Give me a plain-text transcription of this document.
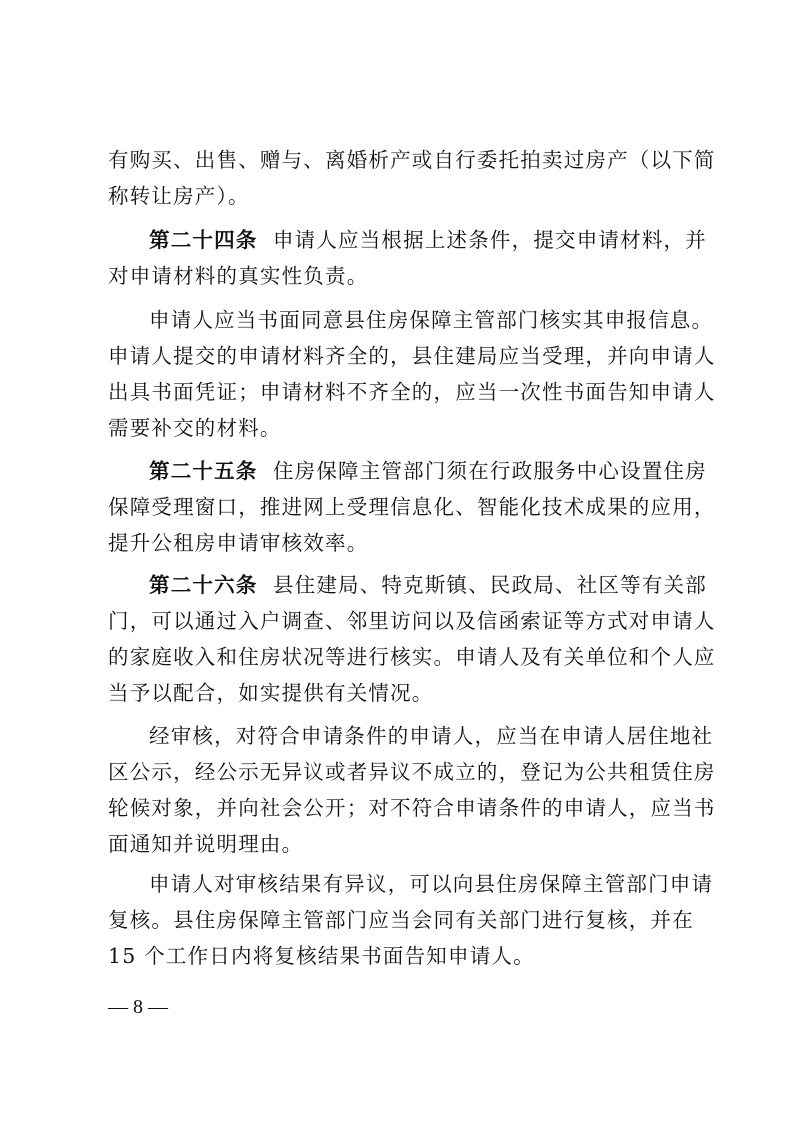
有购买、出售、赠与、离婚析产或自行委托拍卖过房产（以下简
称转让房产）。
第二十四条 申请人应当根据上述条件，提交申请材料，并
对申请材料的真实性负责。
申请人应当书面同意县住房保障主管部门核实其申报信息。
申请人提交的申请材料齐全的，县住建局应当受理，并向申请人
出具书面凭证；申请材料不齐全的，应当一次性书面告知申请人
需要补交的材料。
第二十五条 住房保障主管部门须在行政服务中心设置住房
保障受理窗口，推进网上受理信息化、智能化技术成果的应用，
提升公租房申请审核效率。
第二十六条 县住建局、特克斯镇、民政局、社区等有关部
门，可以通过入户调查、邻里访问以及信函索证等方式对申请人
的家庭收入和住房状况等进行核实。申请人及有关单位和个人应
当予以配合，如实提供有关情况。
经审核，对符合申请条件的申请人，应当在申请人居住地社
区公示，经公示无异议或者异议不成立的，登记为公共租赁住房
轮候对象，并向社会公开；对不符合申请条件的申请人，应当书
面通知并说明理由。
申请人对审核结果有异议，可以向县住房保障主管部门申请
复核。县住房保障主管部门应当会同有关部门进行复核，并在
15 个工作日内将复核结果书面告知申请人。
— 8 —
